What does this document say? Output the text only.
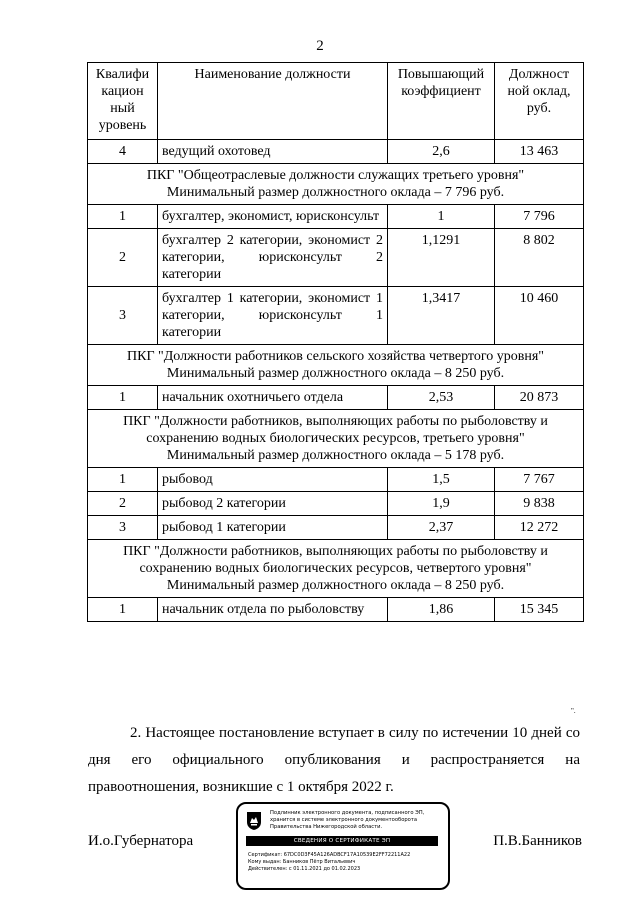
2
Квалифи кацион ный уровень	Наименование должности	Повышающий коэффициент	Должност ной оклад, руб.
4	ведущий охотовед	2,6	13 463

ПКГ "Общеотраслевые должности служащих третьего уровня"
Минимальный размер должностного оклада – 7 796 руб.			

1	бухгалтер, экономист, юрисконсульт	1	7 796
2	бухгалтер 2 категории, экономист 2 категории, юрисконсульт 2 категории	1,1291	8 802
3	бухгалтер 1 категории, экономист 1 категории, юрисконсульт 1 категории	1,3417	10 460

ПКГ "Должности работников сельского хозяйства четвертого уровня"
Минимальный размер должностного оклада – 8 250 руб.			

1	начальник охотничьего отдела	2,53	20 873

ПКГ "Должности работников, выполняющих работы по рыболовству и сохранению водных биологических ресурсов, третьего уровня"
Минимальный размер должностного оклада – 5 178 руб.			

1	рыбовод	1,5	7 767
2	рыбовод 2 категории	1,9	9 838
3	рыбовод 1 категории	2,37	12 272

ПКГ "Должности работников, выполняющих работы по рыболовству и сохранению водных биологических ресурсов, четвертого уровня"
Минимальный размер должностного оклада – 8 250 руб.			

1	начальник отдела по рыболовству	1,86	15 345
".
2. Настоящее постановление вступает в силу по истечении 10 дней со дня его официального опубликования и распространяется на правоотношения, возникшие с 1 октября 2022 г.
И.о.Губернатора	П.В.Банников
Подлинник электронного документа, подписанного ЭП, хранится в системе электронного документооборота Правительства Нижегородской области.
СВЕДЕНИЯ О СЕРТИФИКАТЕ ЭП
Сертификат: 67DC0D3F45A126ADBCF17A10539E2FF72211A22
Кому выдан: Банников Пётр Витальевич
Действителен: с 01.11.2021 до 01.02.2023
